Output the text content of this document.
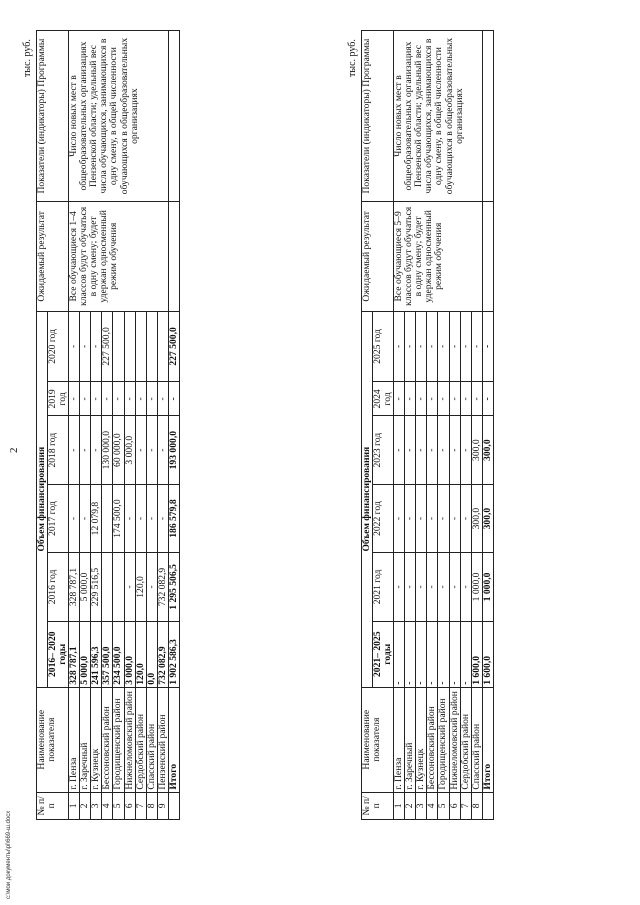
2
тыс. руб.	тыс. руб.
№ п/п	Наименование показателя	Объем финансирования						Ожидаемый результат	Показатели (индикаторы) Программы
		2016– 2020 годы	2016 год	2017 год	2018 год	2019 год	2020 год		
1	г. Пенза	328 787,1	328 787,1	-	-	-	-	Все обучающиеся 1–4 классов будут обучаться в одну смену; будет удержан односменный режим обучения	Число новых мест в общеобразовательных организациях Пензенской области; удельный вес числа обучающихся, занимающихся в одну смену, в общей численности обучающихся в общеобразовательных организациях
2	г. Заречный	5 000,0	5 000,0	-	-	-	-		
3	г. Кузнецк	241 596,3	229 516,5	12 079,8	-	-	-		
4	Бессоновский район	357 500,0			130 000,0	-	227 500,0		
5	Городищенский район	234 500,0		174 500,0	60 000,0	-			
6	Нижнеломовский район	3 000,0	-	-	3 000,0	-			
7	Сердобский район	120,0	120,0	-	-	-			
8	Спасский район	0,0	-	-	-	-			
9	Пензенский район	732 082,9	732 082,9	-	-	-			
	Итого	1 902 586,3	1 295 506,5	186 579,8	193 000,0	-	227 500,0		
№ п/п	Наименование показателя	Объем финансирования						Ожидаемый результат	Показатели (индикаторы) Программы
		2021– 2025 годы	2021 год	2022 год	2023 год	2024 год	2025 год		
1	г. Пенза	-	-	-	-	-	-	Все обучающиеся 5–9 классов будут обучаться в одну смену; будет удержан односменный режим обучения	Число новых мест в общеобразовательных организациях Пензенской области; удельный вес числа обучающихся, занимающихся в одну смену, в общей численности обучающихся в общеобразовательных организациях
2	г. Заречный	-	-	-	-	-	-		
3	г. Кузнецк	-	-	-	-	-	-		
4	Бессоновский район	-	-	-	-	-	-		
5	Городищенский район	-	-	-	-	-	-		
6	Нижнеломовский район	-	-	-	-	-	-		
7	Сердобский район	-	-	-	-	-	-		
8	Спасский район	1 600,0	1 000,0	300,0	300,0	-	-		
	Итого	1 600,0	1 000,0	300,0	300,0	-	-		
c:\мои документы\pl\669-ш.docx
